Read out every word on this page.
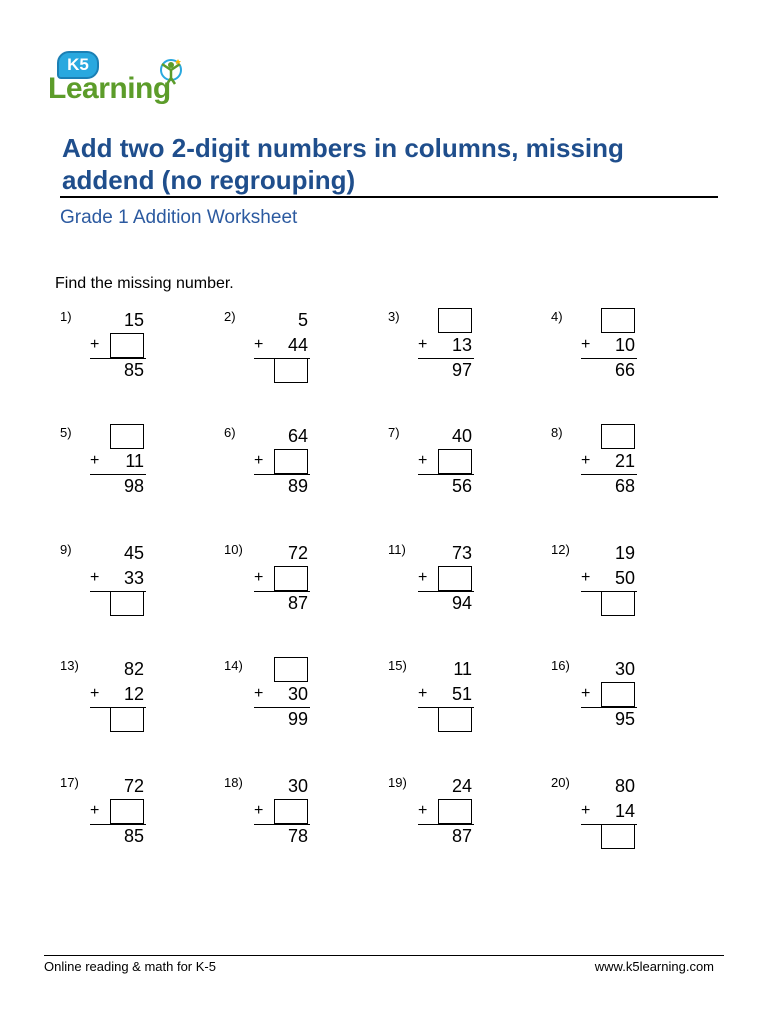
K5
Learning
Add two 2-digit numbers in columns, missing addend (no regrouping)
Grade 1 Addition Worksheet
Find the missing number.
1)	15
+
85
2)	5
+ 44
3)
+ 13
97
4)
+ 10
66
5)
+ 11
98
6)	64
+
89
7)	40
+
56
8)
+ 21
68
9)	45
+ 33
10)	72
+
87
11)	73
+
94
12)	19
+ 50
13)	82
+ 12
14)
+ 30
99
15)	11
+ 51
16)	30
+
95
17)	72
+
85
18)	30
+
78
19)	24
+
87
20)	80
+ 14
Online reading & math for K-5	www.k5learning.com
